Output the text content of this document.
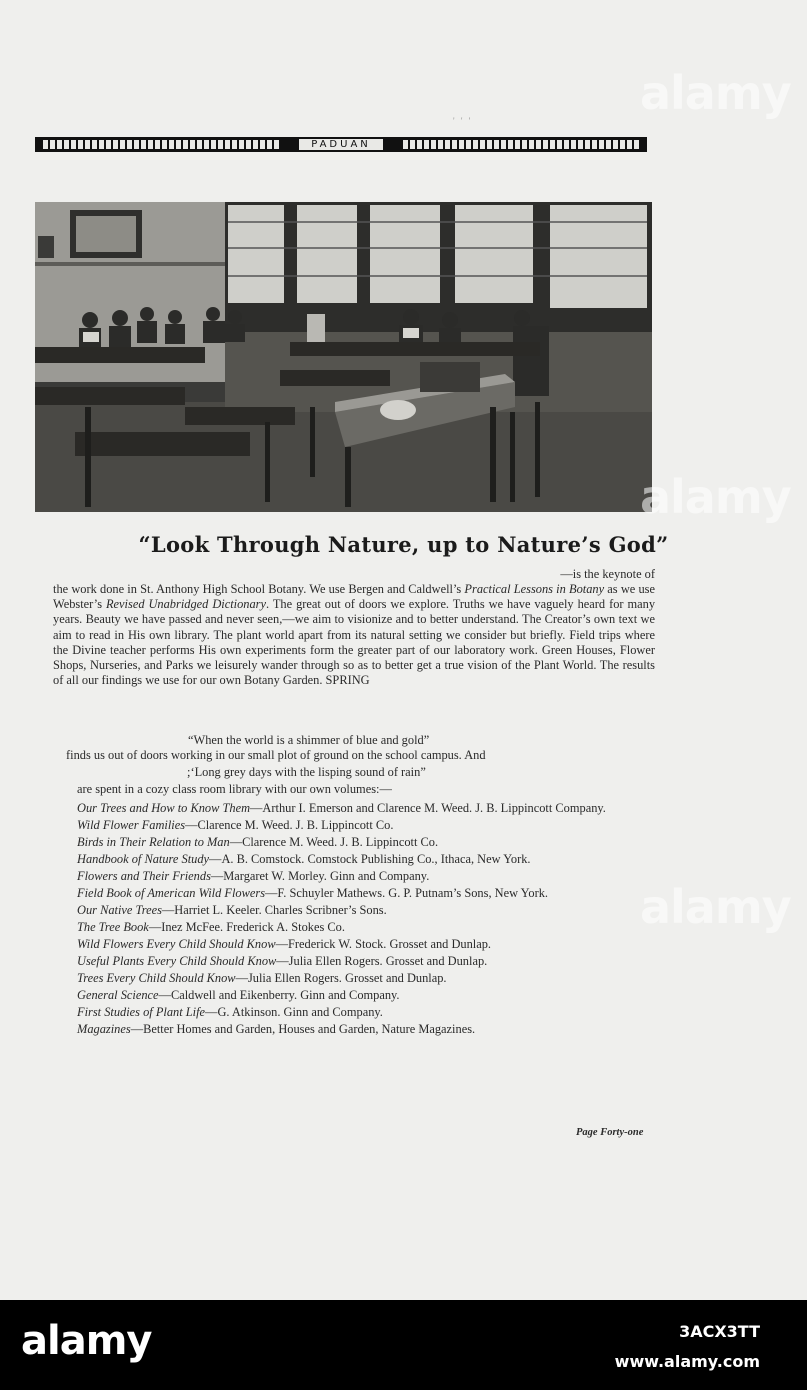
' ' '
PADUAN
“Look Through Nature, up to Nature’s God”
—is the keynote of
the work done in St. Anthony High School Botany. We use Bergen and Caldwell’s Practical Lessons in Botany as we use Webster’s Revised Unabridged Dictionary. The great out of doors we explore. Truths we have vaguely heard for many years. Beauty we have passed and never seen,—we aim to visionize and to better understand. The Creator’s own text we aim to read in His own library. The plant world apart from its natural setting we consider but briefly. Field trips where the Divine teacher performs His own experiments form the greater part of our laboratory work. Green Houses, Flower Shops, Nurseries, and Parks we leisurely wander through so as to better get a true vision of the Plant World. The results of all our findings we use for our own Botany Garden. SPRING
“When the world is a shimmer of blue and gold”
finds us out of doors working in our small plot of ground on the school campus. And
;‘Long grey days with the lisping sound of rain”
are spent in a cozy class room library with our own volumes:—

Our Trees and How to Know Them—Arthur I. Emerson and Clarence M. Weed. J. B. Lippincott Company.

Wild Flower Families—Clarence M. Weed. J. B. Lippincott Co.

Birds in Their Relation to Man—Clarence M. Weed. J. B. Lippincott Co.

Handbook of Nature Study—A. B. Comstock. Comstock Publishing Co., Ithaca, New York.

Flowers and Their Friends—Margaret W. Morley. Ginn and Company.

Field Book of American Wild Flowers—F. Schuyler Mathews. G. P. Putnam’s Sons, New York.

Our Native Trees—Harriet L. Keeler. Charles Scribner’s Sons.

The Tree Book—Inez McFee. Frederick A. Stokes Co.

Wild Flowers Every Child Should Know—Frederick W. Stock. Grosset and Dunlap.

Useful Plants Every Child Should Know—Julia Ellen Rogers. Grosset and Dunlap.

Trees Every Child Should Know—Julia Ellen Rogers. Grosset and Dunlap.

General Science—Caldwell and Eikenberry. Ginn and Company.

First Studies of Plant Life—G. Atkinson. Ginn and Company.

Magazines—Better Homes and Garden, Houses and Garden, Nature Magazines.

Page Forty-one
alamy
alamy
alamy
alamy	3ACX3TT
www.alamy.com
